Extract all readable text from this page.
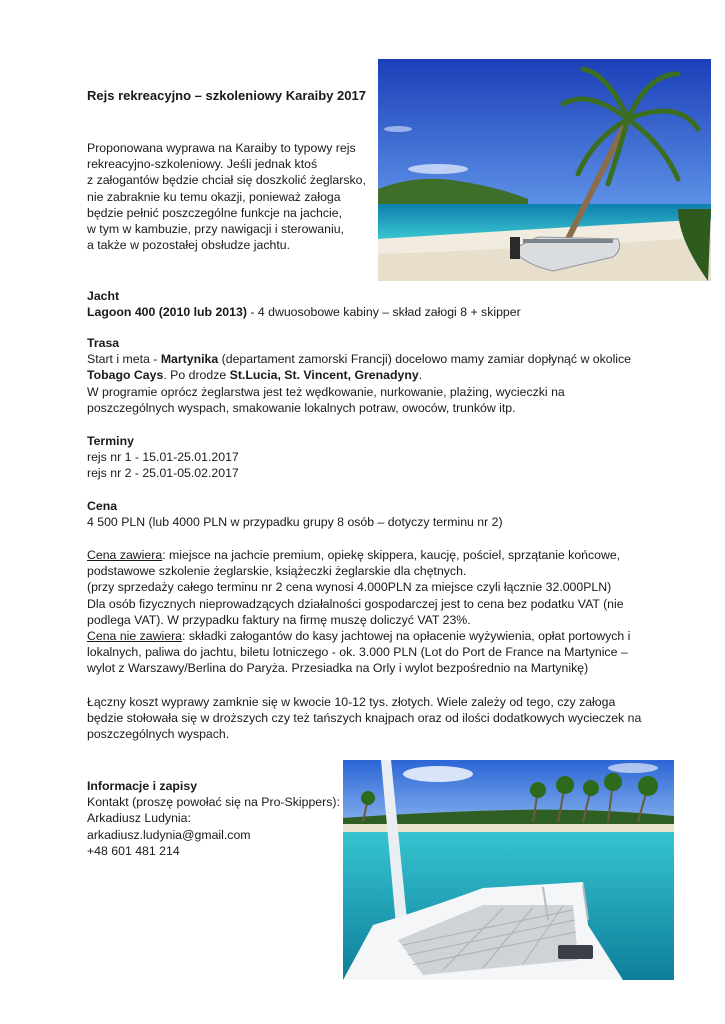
Rejs rekreacyjno – szkoleniowy Karaiby 2017
Proponowana wyprawa na Karaiby to typowy rejs
rekreacyjno-szkoleniowy. Jeśli jednak ktoś
z załogantów będzie chciał się doszkolić żeglarsko,
nie zabraknie ku temu okazji, ponieważ załoga
będzie pełnić poszczególne funkcje na jachcie,
w tym w kambuzie, przy nawigacji i sterowaniu,
a także w pozostałej obsłudze jachtu.

Jacht

Lagoon 400 (2010 lub 2013) - 4 dwuosobowe kabiny – skład załogi 8 + skipper

Trasa

Start i meta - Martynika (departament zamorski Francji) docelowo mamy zamiar dopłynąć w okolice

Tobago Cays. Po drodze St.Lucia, St. Vincent, Grenadyny.

W programie oprócz żeglarstwa jest też wędkowanie, nurkowanie, plażing, wycieczki na

poszczególnych wyspach, smakowanie lokalnych potraw, owoców, trunków itp.

Terminy

rejs nr 1 - 15.01-25.01.2017

rejs nr 2 - 25.01-05.02.2017

Cena

4 500 PLN (lub 4000 PLN w przypadku grupy 8 osób – dotyczy terminu nr 2)

Cena zawiera: miejsce na jachcie premium, opiekę skippera, kaucję, pościel, sprzątanie końcowe,

podstawowe szkolenie żeglarskie, książeczki żeglarskie dla chętnych.

(przy sprzedaży całego terminu nr 2 cena wynosi 4.000PLN za miejsce czyli łącznie 32.000PLN)

Dla osób fizycznych nieprowadzących działalności gospodarczej jest to cena bez podatku VAT (nie

podlega VAT). W przypadku faktury na firmę muszę doliczyć VAT 23%.

Cena nie zawiera: składki załogantów do kasy jachtowej na opłacenie wyżywienia, opłat portowych i

lokalnych, paliwa do jachtu, biletu lotniczego - ok. 3.000 PLN (Lot do Port de France na Martynice –

wylot z Warszawy/Berlina do Paryża. Przesiadka na Orly i wylot bezpośrednio na Martynikę)

Łączny koszt wyprawy zamknie się w kwocie 10-12 tys. złotych. Wiele zależy od tego, czy załoga

będzie stołowała się w droższych czy też tańszych knajpach oraz od ilości dodatkowych wycieczek na

poszczególnych wyspach.

Informacje i zapisy

Kontakt (proszę powołać się na Pro-Skippers):

Arkadiusz Ludynia:

arkadiusz.ludynia@gmail.com

+48 601 481 214
